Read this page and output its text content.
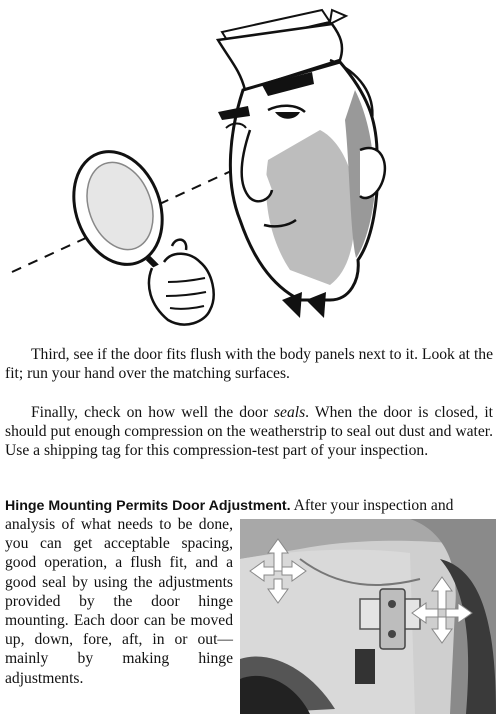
Third, see if the door fits flush with the body panels next to it. Look at the fit; run your hand over the matching surfaces.

Finally, check on how well the door seals. When the door is closed, it should put enough compression on the weatherstrip to seal out dust and water. Use a shipping tag for this compression-test part of your inspection.

Hinge Mounting Permits Door Adjustment. After your inspection and

analysis of what needs to be done, you can get acceptable spacing, good operation, a flush fit, and a good seal by using the adjustments provided by the door hinge mounting. Each door can be moved up, down, fore, aft, in or out—mainly by making hinge adjustments.
